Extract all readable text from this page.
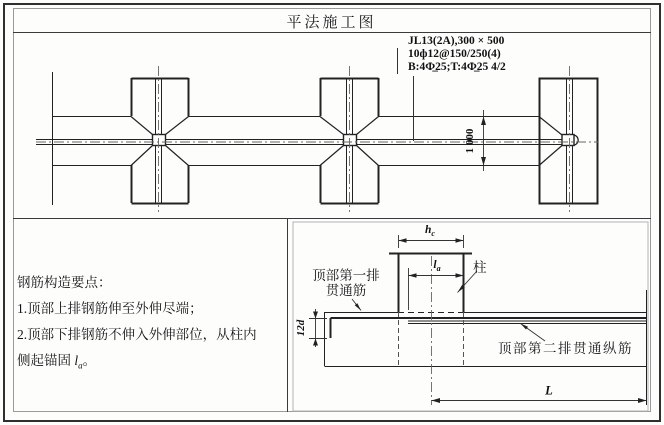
平法施工图
JL13(2A),300 × 500
10ф12@150/250(4)
B:4Ф̲25;T:4Ф̲25 4/2
1 000
钢筋构造要点：
1.顶部上排钢筋伸至外伸尽端；
2.顶部下排钢筋不伸入外伸部位，从柱内
侧起锚固 $l_a$。
顶部第一排
贯通筋
柱
顶部第二排贯通纵筋
$h_c$
$l_a$
12d
L
